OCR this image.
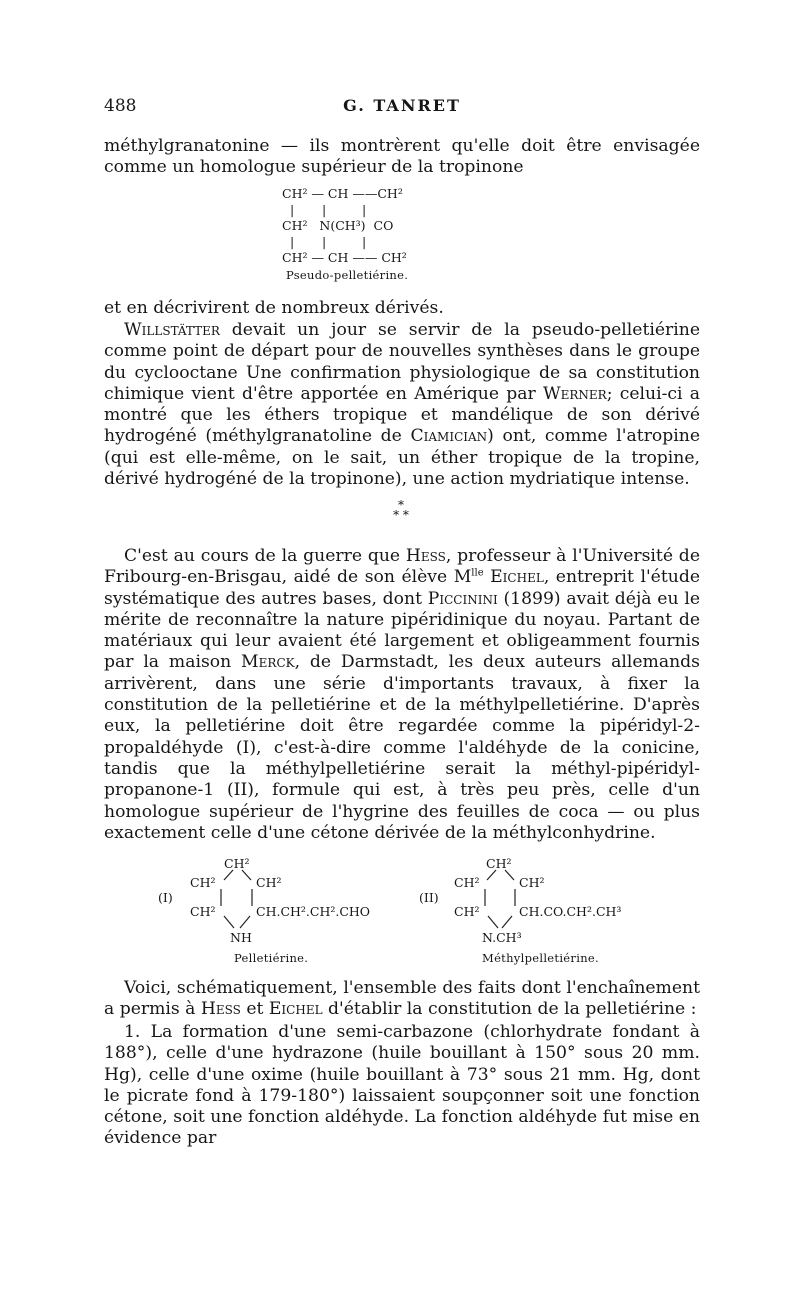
488	G. TANRET

méthylgranatonine — ils montrèrent qu'elle doit être envisagée comme un homologue supérieur de la tropinone

CH² — CH ——CH²
|       |         |
CH²   N(CH³)  CO
|       |         |
CH² — CH —— CH²
Pseudo-pelletiérine.

et en décrivirent de nombreux dérivés.

Willstätter devait un jour se servir de la pseudo-pelletiérine comme point de départ pour de nouvelles synthèses dans le groupe du cyclooctane Une confirmation physiologique de sa constitution chimique vient d'être apportée en Amérique par Werner; celui-ci a montré que les éthers tropique et mandélique de son dérivé hydrogéné (méthylgranatoline de Ciamician) ont, comme l'atropine (qui est elle-même, on le sait, un éther tropique de la tropine, dérivé hydrogéné de la tropinone), une action mydriatique intense.

*
* *

C'est au cours de la guerre que Hess, professeur à l'Université de Fribourg-en-Brisgau, aidé de son élève $M^{lle}$ Eichel, entreprit l'étude systématique des autres bases, dont Piccinini (1899) avait déjà eu le mérite de reconnaître la nature pipéridinique du noyau. Partant de matériaux qui leur avaient été largement et obligeamment fournis par la maison Merck, de Darmstadt, les deux auteurs allemands arrivèrent, dans une série d'importants travaux, à fixer la constitution de la pelletiérine et de la méthylpelletiérine. D'après eux, la pelletiérine doit être regardée comme la pipéridyl-2-propaldéhyde (I), c'est-à-dire comme l'aldéhyde de la conicine, tandis que la méthylpelletiérine serait la méthyl-pipéridyl-propanone-1 (II), formule qui est, à très peu près, celle d'un homologue supérieur de l'hygrine des feuilles de coca — ou plus exactement celle d'une cétone dérivée de la méthylconhydrine.

(I)
CH²
CH²	CH²
CH²	CH.CH².CH².CHO
NH
Pelletiérine.
(II)
CH²
CH²	CH²
CH²	CH.CO.CH².CH³
N.CH³
Méthylpelletiérine.

Voici, schématiquement, l'ensemble des faits dont l'enchaînement a permis à Hess et Eichel d'établir la constitution de la pelletiérine :

1. La formation d'une semi-carbazone (chlorhydrate fondant à 188°), celle d'une hydrazone (huile bouillant à 150° sous 20 mm. Hg), celle d'une oxime (huile bouillant à 73° sous 21 mm. Hg, dont le picrate fond à 179-180°) laissaient soupçonner soit une fonction cétone, soit une fonction aldéhyde. La fonction aldéhyde fut mise en évidence par
